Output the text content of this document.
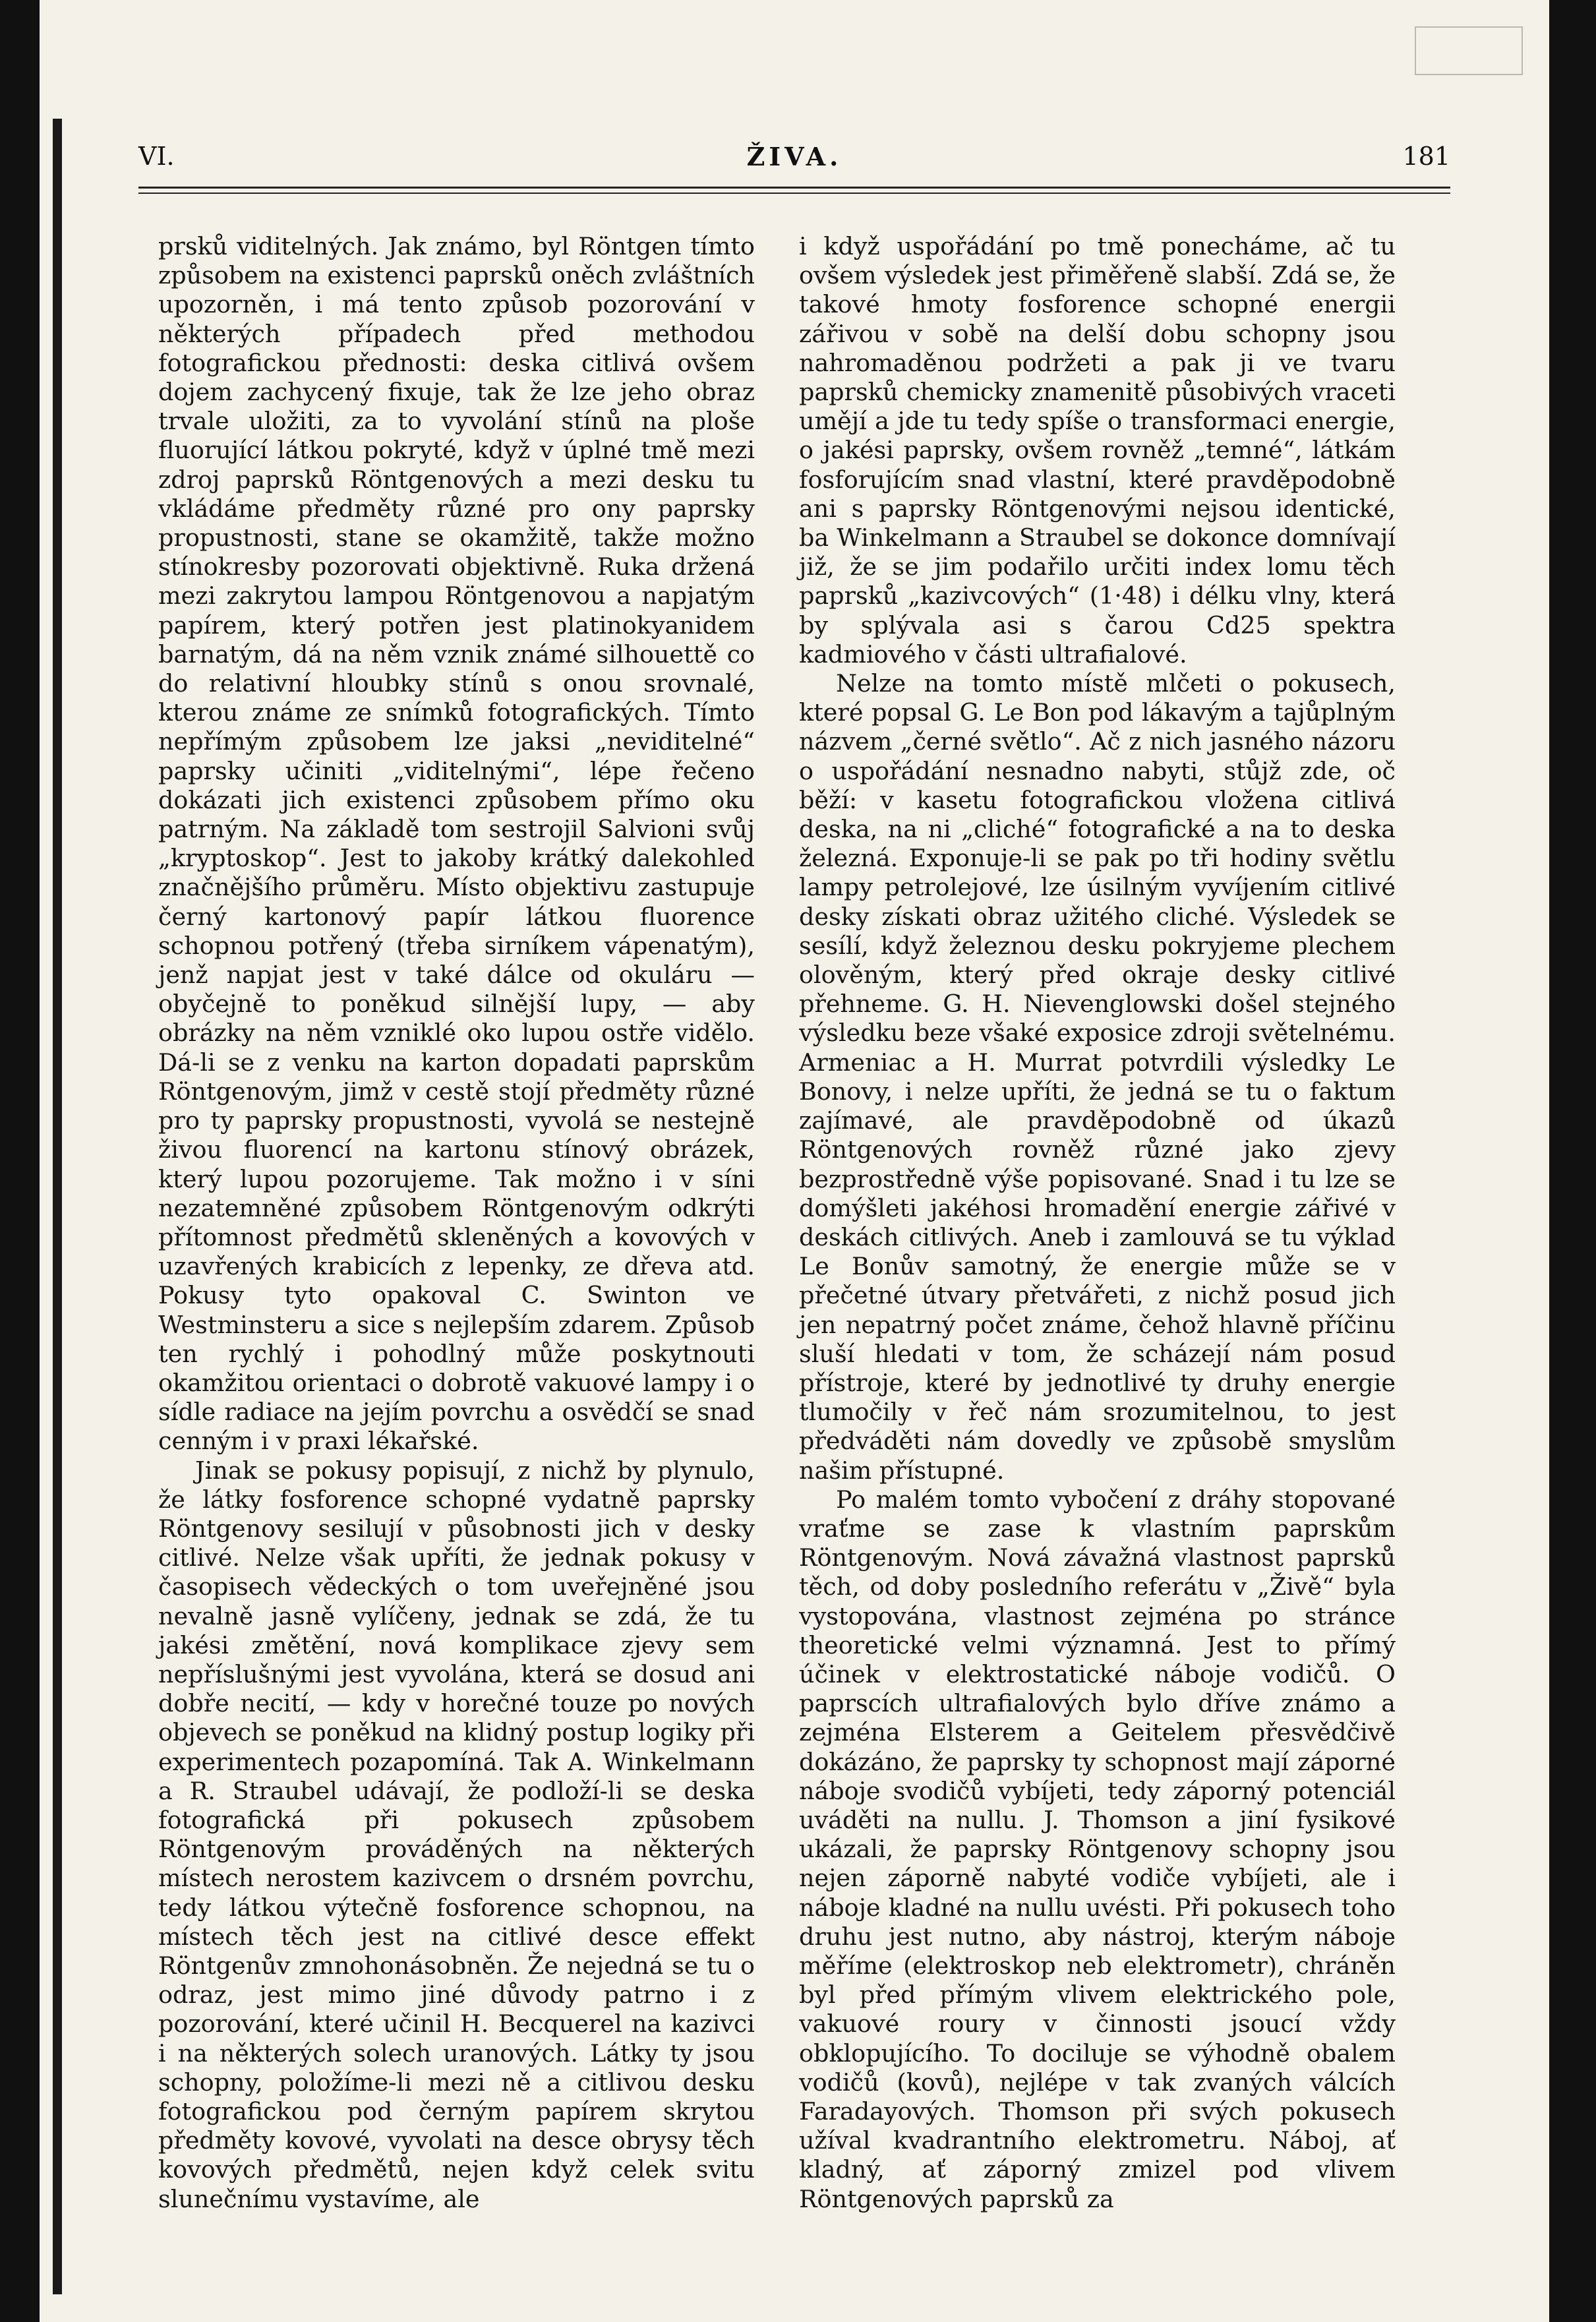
VI.	ŽIVA.	181

prsků viditelných. Jak známo, byl Röntgen tímto způsobem na existenci paprsků oněch zvláštních upozorněn, i má tento způsob pozorování v některých případech před methodou fotografickou přednosti: deska citlivá ovšem dojem zachycený fixuje, tak že lze jeho obraz trvale uložiti, za to vyvolání stínů na ploše fluorující látkou pokryté, když v úplné tmě mezi zdroj paprsků Röntgenových a mezi desku tu vkládáme předměty různé pro ony paprsky propustnosti, stane se okamžitě, takže možno stínokresby pozorovati objektivně. Ruka držená mezi zakrytou lampou Röntgenovou a napjatým papírem, který potřen jest platinokyanidem barnatým, dá na něm vznik známé silhouettě co do relativní hloubky stínů s onou srovnalé, kterou známe ze snímků fotografických. Tímto nepřímým způsobem lze jaksi „neviditelné“ paprsky učiniti „viditelnými“, lépe řečeno dokázati jich existenci způsobem přímo oku patrným. Na základě tom sestrojil Salvioni svůj „kryptoskop“. Jest to jakoby krátký dalekohled značnějšího průměru. Místo objektivu zastupuje černý kartonový papír látkou fluorence schopnou potřený (třeba sirníkem vápenatým), jenž napjat jest v také dálce od okuláru — obyčejně to poněkud silnější lupy, — aby obrázky na něm vzniklé oko lupou ostře vidělo. Dá-li se z venku na karton dopadati paprskům Röntgenovým, jimž v cestě stojí předměty různé pro ty paprsky propustnosti, vyvolá se nestejně živou fluorencí na kartonu stínový obrázek, který lupou pozorujeme. Tak možno i v síni nezatemněné způsobem Röntgenovým odkrýti přítomnost předmětů skleněných a kovových v uzavřených krabicích z lepenky, ze dřeva atd. Pokusy tyto opakoval C. Swinton ve Westminsteru a sice s nejlepším zdarem. Způsob ten rychlý i pohodlný může poskytnouti okamžitou orientaci o dobrotě vakuové lampy i o sídle radiace na jejím povrchu a osvědčí se snad cenným i v praxi lékařské.

Jinak se pokusy popisují, z nichž by plynulo, že látky fosforence schopné vydatně paprsky Röntgenovy sesilují v působnosti jich v desky citlivé. Nelze však upříti, že jednak pokusy v časopisech vědeckých o tom uveřejněné jsou nevalně jasně vylíčeny, jednak se zdá, že tu jakési změtění, nová komplikace zjevy sem nepříslušnými jest vyvolána, která se dosud ani dobře necití, — kdy v horečné touze po nových objevech se poněkud na klidný postup logiky při experimentech pozapomíná. Tak A. Winkelmann a R. Straubel udávají, že podloží-li se deska fotografická při pokusech způsobem Röntgenovým prováděných na některých místech nerostem kazivcem o drsném povrchu, tedy látkou výtečně fosforence schopnou, na místech těch jest na citlivé desce effekt Röntgenův zmnohonásobněn. Že nejedná se tu o odraz, jest mimo jiné důvody patrno i z pozorování, které učinil H. Becquerel na kazivci i na některých solech uranových. Látky ty jsou schopny, položíme-li mezi ně a citlivou desku fotografickou pod černým papírem skrytou předměty kovové, vyvolati na desce obrysy těch kovových předmětů, nejen když celek svitu slunečnímu vystavíme, ale

i když uspořádání po tmě ponecháme, ač tu ovšem výsledek jest přiměřeně slabší. Zdá se, že takové hmoty fosforence schopné energii zářivou v sobě na delší dobu schopny jsou nahromaděnou podržeti a pak ji ve tvaru paprsků chemicky znamenitě působivých vraceti umějí a jde tu tedy spíše o transformaci energie, o jakési paprsky, ovšem rovněž „temné“, látkám fosforujícím snad vlastní, které pravděpodobně ani s paprsky Röntgenovými nejsou identické, ba Winkelmann a Straubel se dokonce domnívají již, že se jim podařilo určiti index lomu těch paprsků „kazivcových“ (1·48) i délku vlny, která by splývala asi s čarou Cd25 spektra kadmiového v části ultrafialové.

Nelze na tomto místě mlčeti o pokusech, které popsal G. Le Bon pod lákavým a tajůplným názvem „černé světlo“. Ač z nich jasného názoru o uspořádání nesnadno nabyti, stůjž zde, oč běží: v kasetu fotografickou vložena citlivá deska, na ni „cliché“ fotografické a na to deska železná. Exponuje-li se pak po tři hodiny světlu lampy petrolejové, lze úsilným vyvíjením citlivé desky získati obraz užitého cliché. Výsledek se sesílí, když železnou desku pokryjeme plechem olověným, který před okraje desky citlivé přehneme. G. H. Nievenglowski došel stejného výsledku beze všaké exposice zdroji světelnému. Armeniac a H. Murrat potvrdili výsledky Le Bonovy, i nelze upříti, že jedná se tu o faktum zajímavé, ale pravděpodobně od úkazů Röntgenových rovněž různé jako zjevy bezprostředně výše popisované. Snad i tu lze se domýšleti jakéhosi hromadění energie zářivé v deskách citlivých. Aneb i zamlouvá se tu výklad Le Bonův samotný, že energie může se v přečetné útvary přetvářeti, z nichž posud jich jen nepatrný počet známe, čehož hlavně příčinu sluší hledati v tom, že scházejí nám posud přístroje, které by jednotlivé ty druhy energie tlumočily v řeč nám srozumitelnou, to jest předváděti nám dovedly ve způsobě smyslům našim přístupné.

Po malém tomto vybočení z dráhy stopované vraťme se zase k vlastním paprskům Röntgenovým. Nová závažná vlastnost paprsků těch, od doby posledního referátu v „Živě“ byla vystopována, vlastnost zejména po stránce theoretické velmi významná. Jest to přímý účinek v elektrostatické náboje vodičů. O paprscích ultrafialových bylo dříve známo a zejména Elsterem a Geitelem přesvědčivě dokázáno, že paprsky ty schopnost mají záporné náboje svodičů vybíjeti, tedy záporný potenciál uváděti na nullu. J. Thomson a jiní fysikové ukázali, že paprsky Röntgenovy schopny jsou nejen záporně nabyté vodiče vybíjeti, ale i náboje kladné na nullu uvésti. Při pokusech toho druhu jest nutno, aby nástroj, kterým náboje měříme (elektroskop neb elektrometr), chráněn byl před přímým vlivem elektrického pole, vakuové roury v činnosti jsoucí vždy obklopujícího. To dociluje se výhodně obalem vodičů (kovů), nejlépe v tak zvaných válcích Faradayových. Thomson při svých pokusech užíval kvadrantního elektrometru. Náboj, ať kladný, ať záporný zmizel pod vlivem Röntgenových paprsků za
